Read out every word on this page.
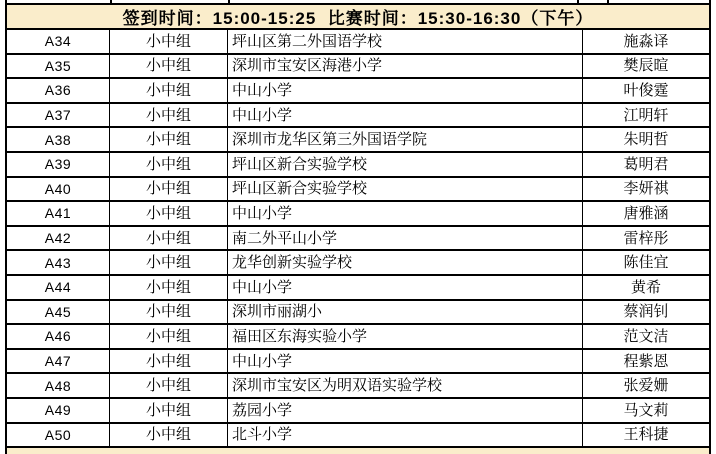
签到时间：15:00-15:25  比赛时间：15:30-16:30（下午）
A34	小中组	坪山区第二外国语学校	施淼译
A35	小中组	深圳市宝安区海港小学	樊辰暄
A36	小中组	中山小学	叶俊霆
A37	小中组	中山小学	江明轩
A38	小中组	深圳市龙华区第三外国语学院	朱明哲
A39	小中组	坪山区新合实验学校	葛明君
A40	小中组	坪山区新合实验学校	李妍祺
A41	小中组	中山小学	唐雅涵
A42	小中组	南二外平山小学	雷梓彤
A43	小中组	龙华创新实验学校	陈佳宜
A44	小中组	中山小学	黄希
A45	小中组	深圳市丽湖小	蔡润钊
A46	小中组	福田区东海实验小学	范文洁
A47	小中组	中山小学	程紫恩
A48	小中组	深圳市宝安区为明双语实验学校	张爱姗
A49	小中组	荔园小学	马文莉
A50	小中组	北斗小学	王科捷
